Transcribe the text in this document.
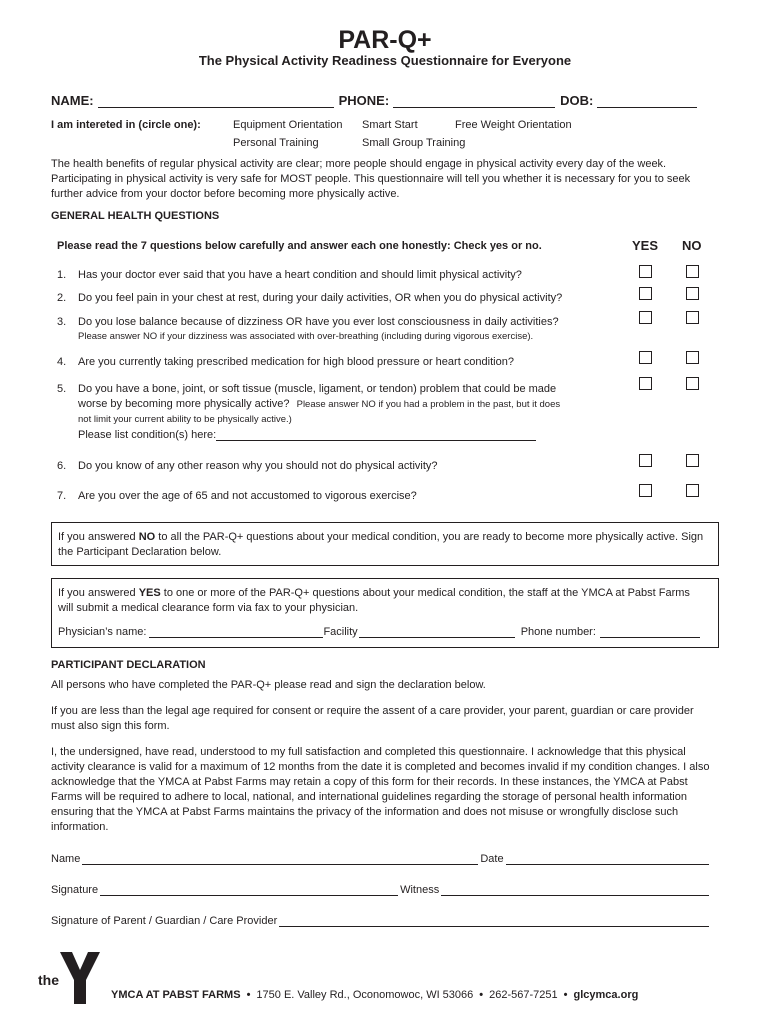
PAR-Q+
The Physical Activity Readiness Questionnaire for Everyone
NAME:	PHONE:	DOB:
I am intereted in (circle one):	Equipment Orientation Smart Start	Free Weight Orientation
Personal Training	Small Group Training
The health benefits of regular physical activity are clear; more people should engage in physical activity every day of the week. Participating in physical activity is very safe for MOST people. This questionnaire will tell you whether it is necessary for you to seek further advice from your doctor before becoming more physically active.
GENERAL HEALTH QUESTIONS
Please read the 7 questions below carefully and answer each one honestly: Check yes or no.	YES NO
1.	Has your doctor ever said that you have a heart condition and should limit physical activity?
2.	Do you feel pain in your chest at rest, during your daily activities, OR when you do physical activity?
3.	Do you lose balance because of dizziness OR have you ever lost consciousness in daily activities?
Please answer NO if your dizziness was associated with over-breathing (including during vigorous exercise).
4.	Are you currently taking prescribed medication for high blood pressure or heart condition?
5.	Do you have a bone, joint, or soft tissue (muscle, ligament, or tendon) problem that could be made
worse by becoming more physically active? Please answer NO if you had a problem in the past, but it does
not limit your current ability to be physically active.)
Please list condition(s) here:
6.	Do you know of any other reason why you should not do physical activity?
7.	Are you over the age of 65 and not accustomed to vigorous exercise?
If you answered NO to all the PAR-Q+ questions about your medical condition, you are ready to become more physically active. Sign the Participant Declaration below.
If you answered YES to one or more of the PAR-Q+ questions about your medical condition, the staff at the YMCA at Pabst Farms will submit a medical clearance form via fax to your physician.
Physician’s name:	Facility	Phone number:
PARTICIPANT DECLARATION
All persons who have completed the PAR-Q+ please read and sign the declaration below.
If you are less than the legal age required for consent or require the assent of a care provider, your parent, guardian or care provider must also sign this form.
I, the undersigned, have read, understood to my full satisfaction and completed this questionnaire. I acknowledge that this physical activity clearance is valid for a maximum of 12 months from the date it is completed and becomes invalid if my condition changes. I also acknowledge that the YMCA at Pabst Farms may retain a copy of this form for their records. In these instances, the YMCA at Pabst Farms will be required to adhere to local, national, and international guidelines regarding the storage of personal health information ensuring that the YMCA at Pabst Farms maintains the privacy of the information and does not misuse or wrongfully disclose such information.
Name	Date
Signature	Witness
Signature of Parent / Guardian / Care Provider
the
YMCA	YMCA AT PABST FARMS • 1750 E. Valley Rd., Oconomowoc, WI 53066 • 262-567-7251 • glcymca.org
